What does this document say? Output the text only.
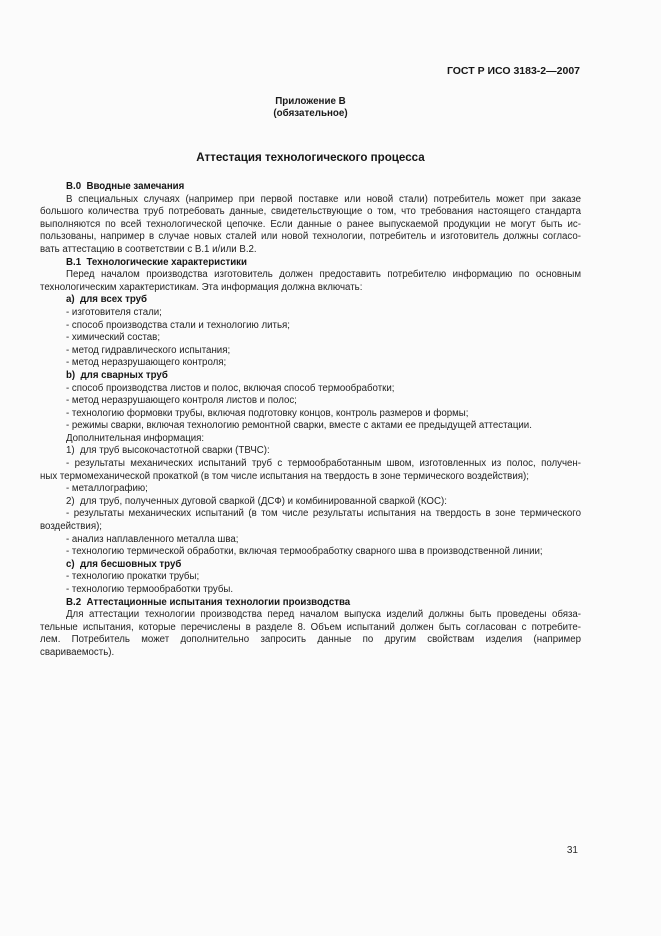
ГОСТ Р ИСО 3183-2—2007
Приложение В
(обязательное)
Аттестация технологического процесса
В.0  Вводные замечания
В специальных случаях (например при первой поставке или новой стали) потребитель может при заказе
большого количества труб потребовать данные, свидетельствующие о том, что требования настоящего стандарта
выполняются по всей технологической цепочке. Если данные о ранее выпускаемой продукции не могут быть ис-
пользованы, например в случае новых сталей или новой технологии, потребитель и изготовитель должны согласо-
вать аттестацию в соответствии с В.1 и/или В.2.
В.1  Технологические характеристики
Перед началом производства изготовитель должен предоставить потребителю информацию по основным
технологическим характеристикам. Эта информация должна включать:
a)  для всех труб
- изготовителя стали;
- способ производства стали и технологию литья;
- химический состав;
- метод гидравлического испытания;
- метод неразрушающего контроля;
b)  для сварных труб
- способ производства листов и полос, включая способ термообработки;
- метод неразрушающего контроля листов и полос;
- технологию формовки трубы, включая подготовку концов, контроль размеров и формы;
- режимы сварки, включая технологию ремонтной сварки, вместе с актами ее предыдущей аттестации.
Дополнительная информация:
1)  для труб высокочастотной сварки (ТВЧС):
- результаты механических испытаний труб с термообработанным швом, изготовленных из полос, получен-
ных термомеханической прокаткой (в том числе испытания на твердость в зоне термического воздействия);
- металлографию;
2)  для труб, полученных дуговой сваркой (ДСФ) и комбинированной сваркой (КОС):
- результаты механических испытаний (в том числе результаты испытания на твердость в зоне термического
воздействия);
- анализ наплавленного металла шва;
- технологию термической обработки, включая термообработку сварного шва в производственной линии;
c)  для бесшовных труб
- технологию прокатки трубы;
- технологию термообработки трубы.
В.2  Аттестационные испытания технологии производства
Для аттестации технологии производства перед началом выпуска изделий должны быть проведены обяза-
тельные испытания, которые перечислены в разделе 8. Объем испытаний должен быть согласован с потребите-
лем. Потребитель может дополнительно запросить данные по другим свойствам изделия (например
свариваемость).
31
